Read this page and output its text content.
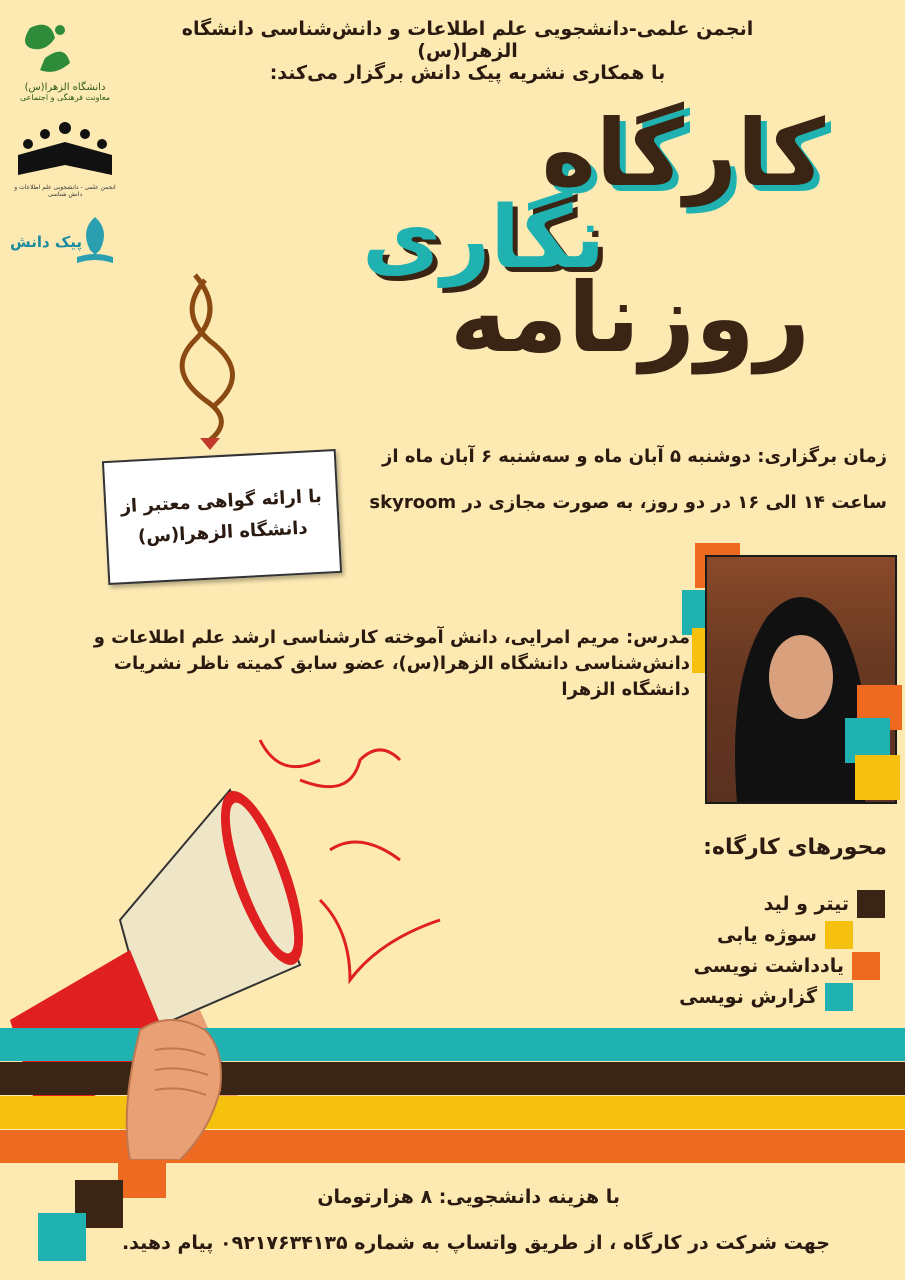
دانشگاه الزهرا(س)
معاونت فرهنگی و اجتماعی
انجمن علمی - دانشجویی علم اطلاعات و دانش شناسی
پیک دانش
انجمن علمی-دانشجویی علم اطلاعات و دانش‌شناسی دانشگاه الزهرا(س)
با همکاری نشریه پیک دانش برگزار می‌کند:
کارگاه
نگاری
روزنامه
با ارائه گواهی معتبر از
دانشگاه الزهرا(س)
زمان برگزاری: دوشنبه ۵ آبان ماه و سه‌شنبه ۶ آبان ماه از
ساعت ۱۴ الی ۱۶ در دو روز، به صورت مجازی در skyroom
مدرس: مریم امرایی، دانش آموخته کارشناسی ارشد علم اطلاعات و دانش‌شناسی دانشگاه الزهرا(س)، عضو سابق کمیته ناظر نشریات دانشگاه الزهرا
محورهای کارگاه:
تیتر و لید
سوژه یابی
یادداشت نویسی
گزارش نویسی
با هزینه دانشجویی: ۸ هزارتومان
جهت شرکت در کارگاه ، از طریق واتساپ به شماره ۰۹۲۱۷۶۳۴۱۳۵ پیام دهید.
